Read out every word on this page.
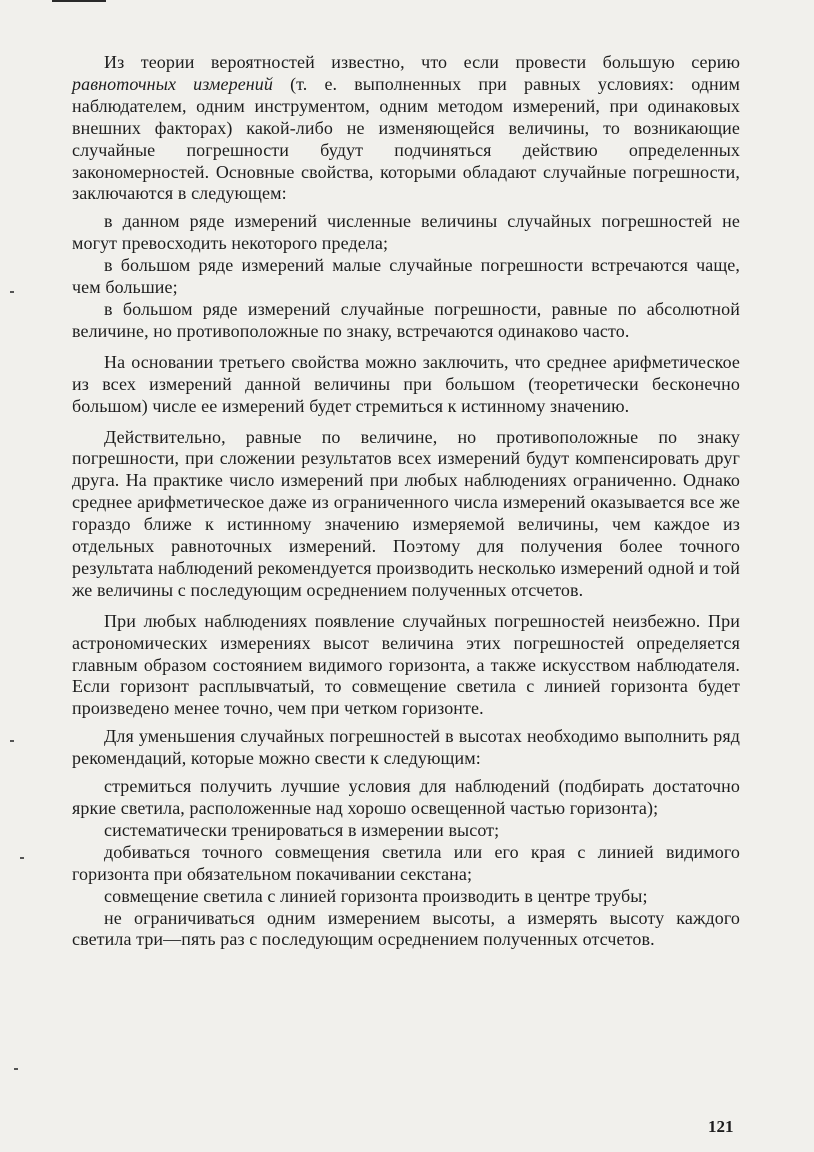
Из теории вероятностей известно, что если провести большую серию равноточных измерений (т. е. выполненных при равных условиях: одним наблюдателем, одним инструментом, одним методом измерений, при одинаковых внешних факторах) какой-либо не изменяющейся величины, то возникающие случайные погрешности будут подчиняться действию определенных закономерностей. Основные свойства, которыми обладают случайные погрешности, заключаются в следующем:

в данном ряде измерений численные величины случайных погрешностей не могут превосходить некоторого предела;

в большом ряде измерений малые случайные погрешности встречаются чаще, чем большие;

в большом ряде измерений случайные погрешности, равные по абсолютной величине, но противоположные по знаку, встречаются одинаково часто.

На основании третьего свойства можно заключить, что среднее арифметическое из всех измерений данной величины при большом (теоретически бесконечно большом) числе ее измерений будет стремиться к истинному значению.

Действительно, равные по величине, но противоположные по знаку погрешности, при сложении результатов всех измерений будут компенсировать друг друга. На практике число измерений при любых наблюдениях ограниченно. Однако среднее арифметическое даже из ограниченного числа измерений оказывается все же гораздо ближе к истинному значению измеряемой величины, чем каждое из отдельных равноточных измерений. Поэтому для получения более точного результата наблюдений рекомендуется производить несколько измерений одной и той же величины с последующим осреднением полученных отсчетов.

При любых наблюдениях появление случайных погрешностей неизбежно. При астрономических измерениях высот величина этих погрешностей определяется главным образом состоянием видимого горизонта, а также искусством наблюдателя. Если горизонт расплывчатый, то совмещение светила с линией горизонта будет произведено менее точно, чем при четком горизонте.

Для уменьшения случайных погрешностей в высотах необходимо выполнить ряд рекомендаций, которые можно свести к следующим:

стремиться получить лучшие условия для наблюдений (подбирать достаточно яркие светила, расположенные над хорошо освещенной частью горизонта);

систематически тренироваться в измерении высот;

добиваться точного совмещения светила или его края с линией видимого горизонта при обязательном покачивании секстана;

совмещение светила с линией горизонта производить в центре трубы;

не ограничиваться одним измерением высоты, а измерять высоту каждого светила три—пять раз с последующим осреднением полученных отсчетов.

121
